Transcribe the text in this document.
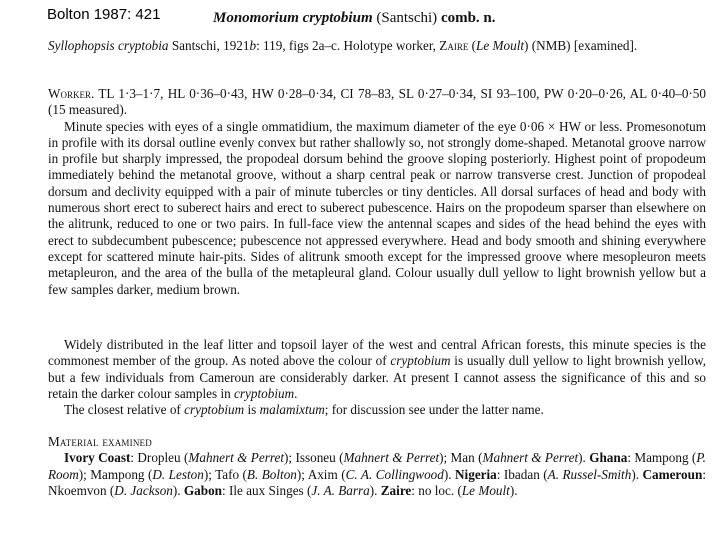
Bolton 1987: 421	Monomorium cryptobium (Santschi) comb. n.
Syllophopsis cryptobia Santschi, 1921b: 119, figs 2a–c. Holotype worker, Zaire (Le Moult) (NMB) [examined].
Worker. TL 1·3–1·7, HL 0·36–0·43, HW 0·28–0·34, CI 78–83, SL 0·27–0·34, SI 93–100, PW 0·20–0·26, AL 0·40–0·50 (15 measured).
Minute species with eyes of a single ommatidium, the maximum diameter of the eye 0·06 × HW or less. Promesonotum in profile with its dorsal outline evenly convex but rather shallowly so, not strongly dome-shaped. Metanotal groove narrow in profile but sharply impressed, the propodeal dorsum behind the groove sloping posteriorly. Highest point of propodeum immediately behind the metanotal groove, without a sharp central peak or narrow transverse crest. Junction of propodeal dorsum and declivity equipped with a pair of minute tubercles or tiny denticles. All dorsal surfaces of head and body with numerous short erect to suberect hairs and erect to suberect pubescence. Hairs on the propodeum sparser than elsewhere on the alitrunk, reduced to one or two pairs. In full-face view the antennal scapes and sides of the head behind the eyes with erect to subdecumbent pubescence; pubescence not appressed everywhere. Head and body smooth and shining everywhere except for scattered minute hair-pits. Sides of alitrunk smooth except for the impressed groove where mesopleuron meets metapleuron, and the area of the bulla of the metapleural gland. Colour usually dull yellow to light brownish yellow but a few samples darker, medium brown.
Widely distributed in the leaf litter and topsoil layer of the west and central African forests, this minute species is the commonest member of the group. As noted above the colour of cryptobium is usually dull yellow to light brownish yellow, but a few individuals from Cameroun are considerably darker. At present I cannot assess the significance of this and so retain the darker colour samples in cryptobium.
The closest relative of cryptobium is malamixtum; for discussion see under the latter name.
Material examined
Ivory Coast: Dropleu (Mahnert & Perret); Issoneu (Mahnert & Perret); Man (Mahnert & Perret). Ghana: Mampong (P. Room); Mampong (D. Leston); Tafo (B. Bolton); Axim (C. A. Collingwood). Nigeria: Ibadan (A. Russel-Smith). Cameroun: Nkoemvon (D. Jackson). Gabon: Ile aux Singes (J. A. Barra). Zaire: no loc. (Le Moult).
